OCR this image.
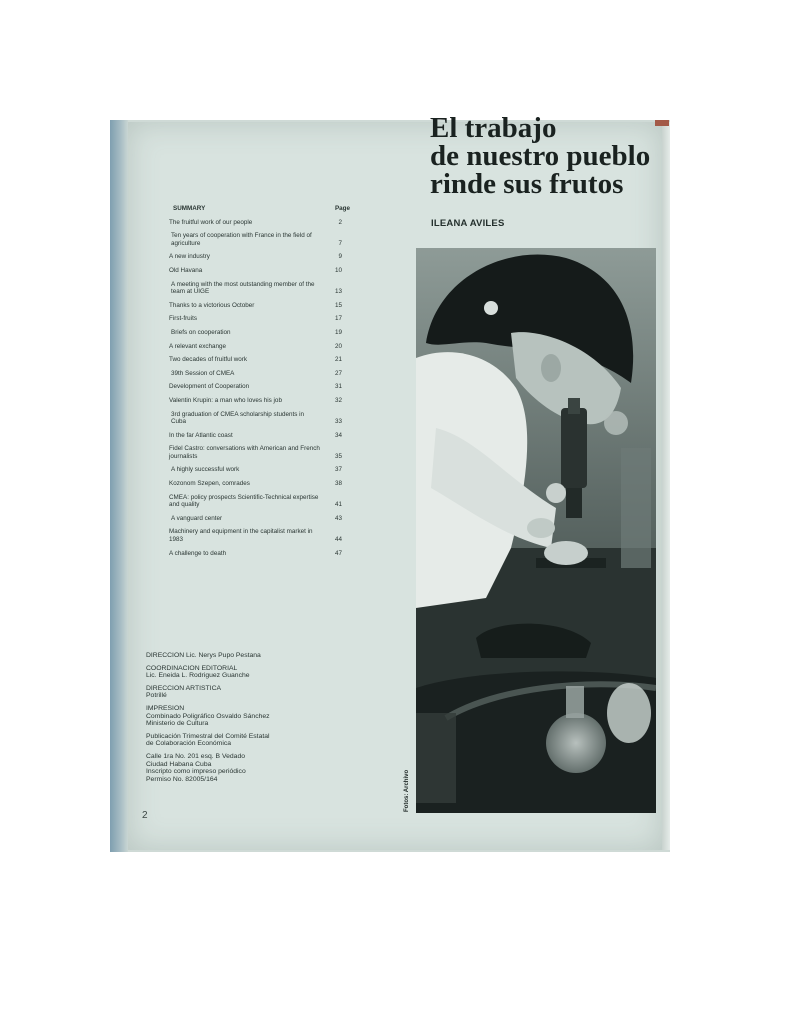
SUMMARY	Page
The fruitful work of our people	2
Ten years of cooperation with France in the field of agriculture	7
A new industry	9
Old Havana	10
A meeting with the most outstanding member of the team at UIGE	13
Thanks to a victorious October	15
First-fruits	17
Briefs on cooperation	19
A relevant exchange	20
Two decades of fruitful work	21
39th Session of CMEA	27
Development of Cooperation	31
Valentin Krupin: a man who loves his job	32
3rd graduation of CMEA scholarship students in Cuba	33
In the far Atlantic coast	34
Fidel Castro: conversations with American and French journalists	35
A highly successful work	37
Kozonom Szepen, comrades	38
CMEA: policy prospects Scientific-Technical expertise and quality	41
A vanguard center	43
Machinery and equipment in the capitalist market in 1983	44
A challenge to death	47
DIRECCION Lic. Nerys Pupo Pestana
COORDINACION EDITORIAL
Lic. Eneida L. Rodriguez Guanche
DIRECCION ARTISTICA
Potrillé
IMPRESION
Combinado Poligráfico Osvaldo Sánchez
Ministerio de Cultura
Publicación Trimestral del Comité Estatal
de Colaboración Económica
Calle 1ra No. 201 esq. B Vedado
Ciudad Habana Cuba
Inscripto como impreso periódico
Permiso No. 82005/164
2
El trabajo
de nuestro pueblo
rinde sus frutos
ILEANA AVILES
Fotos: Archivo
